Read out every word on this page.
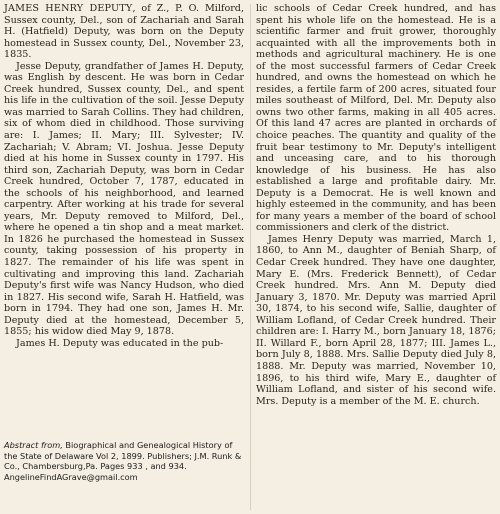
JAMES HENRY DEPUTY, of Z., P. O. Milford, Sussex county, Del., son of Zachariah and Sarah H. (Hatfield) Deputy, was born on the Deputy homestead in Sussex county, Del., November 23, 1835.

Jesse Deputy, grandfather of James H. Deputy, was English by descent. He was born in Cedar Creek hundred, Sussex county, Del., and spent his life in the cultivation of the soil. Jesse Deputy was married to Sarah Collins. They had children, six of whom died in childhood. Those surviving are: I. James; II. Mary; III. Sylvester; IV. Zachariah; V. Abram; VI. Joshua. Jesse Deputy died at his home in Sussex county in 1797. His third son, Zachariah Deputy, was born in Cedar Creek hundred, October 7, 1787, educated in the schools of his neighborhood, and learned carpentry. After working at his trade for several years, Mr. Deputy removed to Milford, Del., where he opened a tin shop and a meat market. In 1826 he purchased the homestead in Sussex county, taking possession of his property in 1827. The remainder of his life was spent in cultivating and improving this land. Zachariah Deputy's first wife was Nancy Hudson, who died in 1827. His second wife, Sarah H. Hatfield, was born in 1794. They had one son, James H. Mr. Deputy died at the homestead, December 5, 1855; his widow died May 9, 1878.

James H. Deputy was educated in the pub-

lic schools of Cedar Creek hundred, and has spent his whole life on the homestead. He is a scientific farmer and fruit grower, thoroughly acquainted with all the improvements both in methods and agricultural machinery. He is one of the most successful farmers of Cedar Creek hundred, and owns the homestead on which he resides, a fertile farm of 200 acres, situated four miles southeast of Milford, Del. Mr. Deputy also owns two other farms, making in all 405 acres. Of this land 47 acres are planted in orchards of choice peaches. The quantity and quality of the fruit bear testimony to Mr. Deputy's intelligent and unceasing care, and to his thorough knowledge of his business. He has also established a large and profitable dairy. Mr. Deputy is a Democrat. He is well known and highly esteemed in the community, and has been for many years a member of the board of school commissioners and clerk of the district.

James Henry Deputy was married, March 1, 1860, to Ann M., daughter of Beniah Sharp, of Cedar Creek hundred. They have one daughter, Mary E. (Mrs. Frederick Bennett), of Cedar Creek hundred. Mrs. Ann M. Deputy died January 3, 1870. Mr. Deputy was married April 30, 1874, to his second wife, Sallie, daughter of William Lofland, of Cedar Creek hundred. Their children are: I. Harry M., born January 18, 1876; II. Willard F., born April 28, 1877; III. James L., born July 8, 1888. Mrs. Sallie Deputy died July 8, 1888. Mr. Deputy was married, November 10, 1896, to his third wife, Mary E., daughter of William Lofland, and sister of his second wife. Mrs. Deputy is a member of the M. E. church.

Abstract from, Biographical and Genealogical History of the State of Delaware Vol 2, 1899. Publishers; J.M. Runk & Co., Chambersburg,Pa. Pages 933 , and 934. AngelineFindAGrave@gmail.com
